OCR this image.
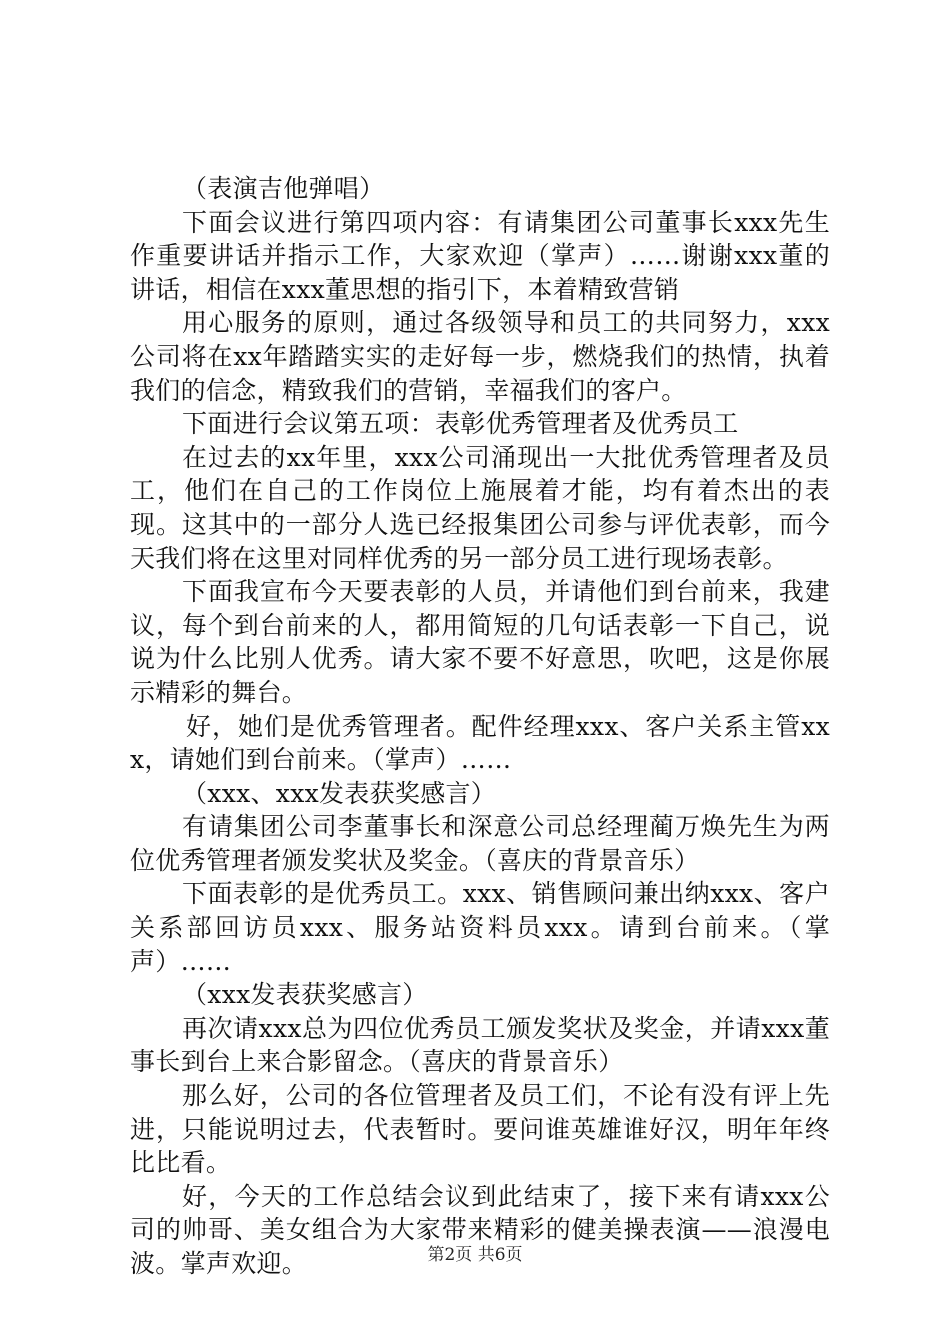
（表演吉他弹唱）

下面会议进行第四项内容：有请集团公司董事长xxx先生作重要讲话并指示工作，大家欢迎（掌声）……谢谢xxx董的讲话，相信在xxx董思想的指引下，本着精致营销

用心服务的原则，通过各级领导和员工的共同努力，xxx公司将在xx年踏踏实实的走好每一步，燃烧我们的热情，执着我们的信念，精致我们的营销，幸福我们的客户。

下面进行会议第五项：表彰优秀管理者及优秀员工

在过去的xx年里，xxx公司涌现出一大批优秀管理者及员工，他们在自己的工作岗位上施展着才能，均有着杰出的表现。这其中的一部分人选已经报集团公司参与评优表彰，而今天我们将在这里对同样优秀的另一部分员工进行现场表彰。

下面我宣布今天要表彰的人员，并请他们到台前来，我建议，每个到台前来的人，都用简短的几句话表彰一下自己，说说为什么比别人优秀。请大家不要不好意思，吹吧，这是你展示精彩的舞台。

好，她们是优秀管理者。配件经理xxx、客户关系主管xxx，请她们到台前来。（掌声）……

（xxx、xxx发表获奖感言）

有请集团公司李董事长和深意公司总经理蔺万焕先生为两位优秀管理者颁发奖状及奖金。（喜庆的背景音乐）

下面表彰的是优秀员工。xxx、销售顾问兼出纳xxx、客户关系部回访员xxx、服务站资料员xxx。请到台前来。（掌声）……

（xxx发表获奖感言）

再次请xxx总为四位优秀员工颁发奖状及奖金，并请xxx董事长到台上来合影留念。（喜庆的背景音乐）

那么好，公司的各位管理者及员工们，不论有没有评上先进，只能说明过去，代表暂时。要问谁英雄谁好汉，明年年终比比看。

好，今天的工作总结会议到此结束了，接下来有请xxx公司的帅哥、美女组合为大家带来精彩的健美操表演——浪漫电波。掌声欢迎。	第2页 共6页
